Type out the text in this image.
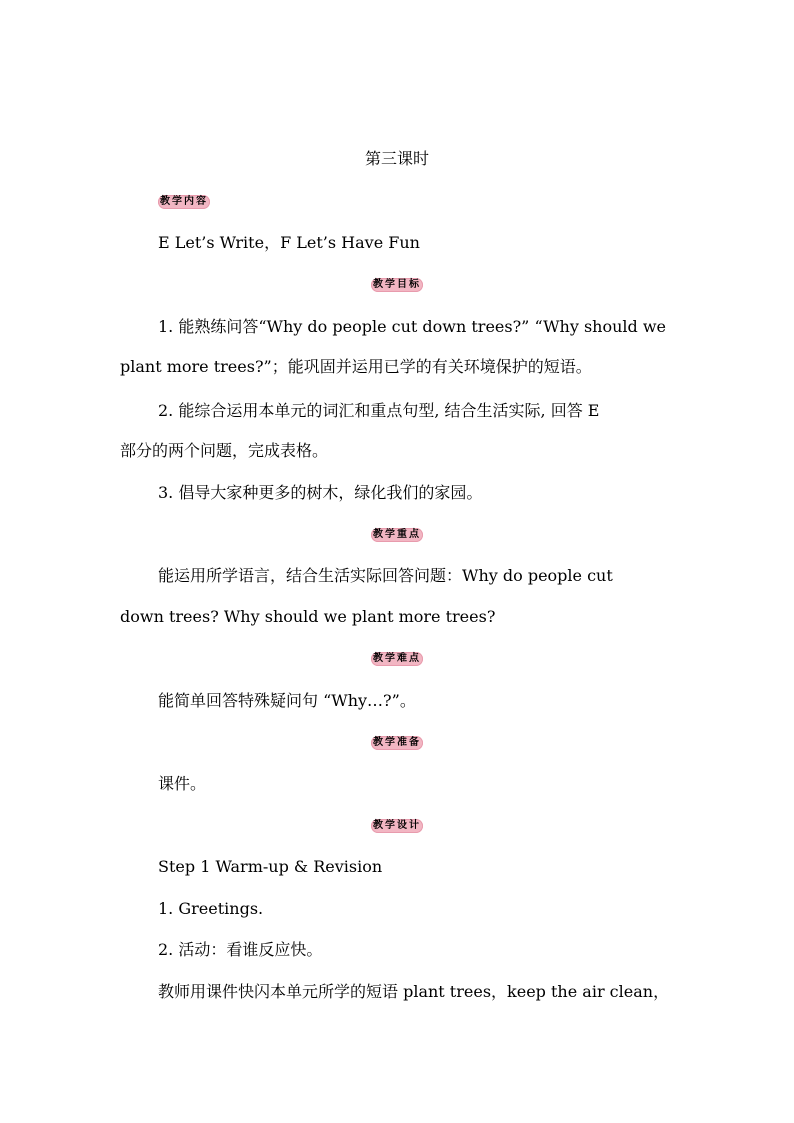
第三课时
教学内容
E Let’s Write，F Let’s Have Fun
教学目标
1. 能熟练问答“Why do people cut down trees?” “Why should we
plant more trees?”；能巩固并运用已学的有关环境保护的短语。
2. 能综合运用本单元的词汇和重点句型, 结合生活实际, 回答 E
部分的两个问题，完成表格。
3. 倡导大家种更多的树木，绿化我们的家园。
教学重点
能运用所学语言，结合生活实际回答问题：Why do people cut
down trees? Why should we plant more trees?
教学难点
能简单回答特殊疑问句 “Why…?”。
教学准备
课件。
教学设计
Step 1 Warm-up & Revision
1. Greetings.
2. 活动：看谁反应快。
教师用课件快闪本单元所学的短语 plant trees，keep the air clean，
